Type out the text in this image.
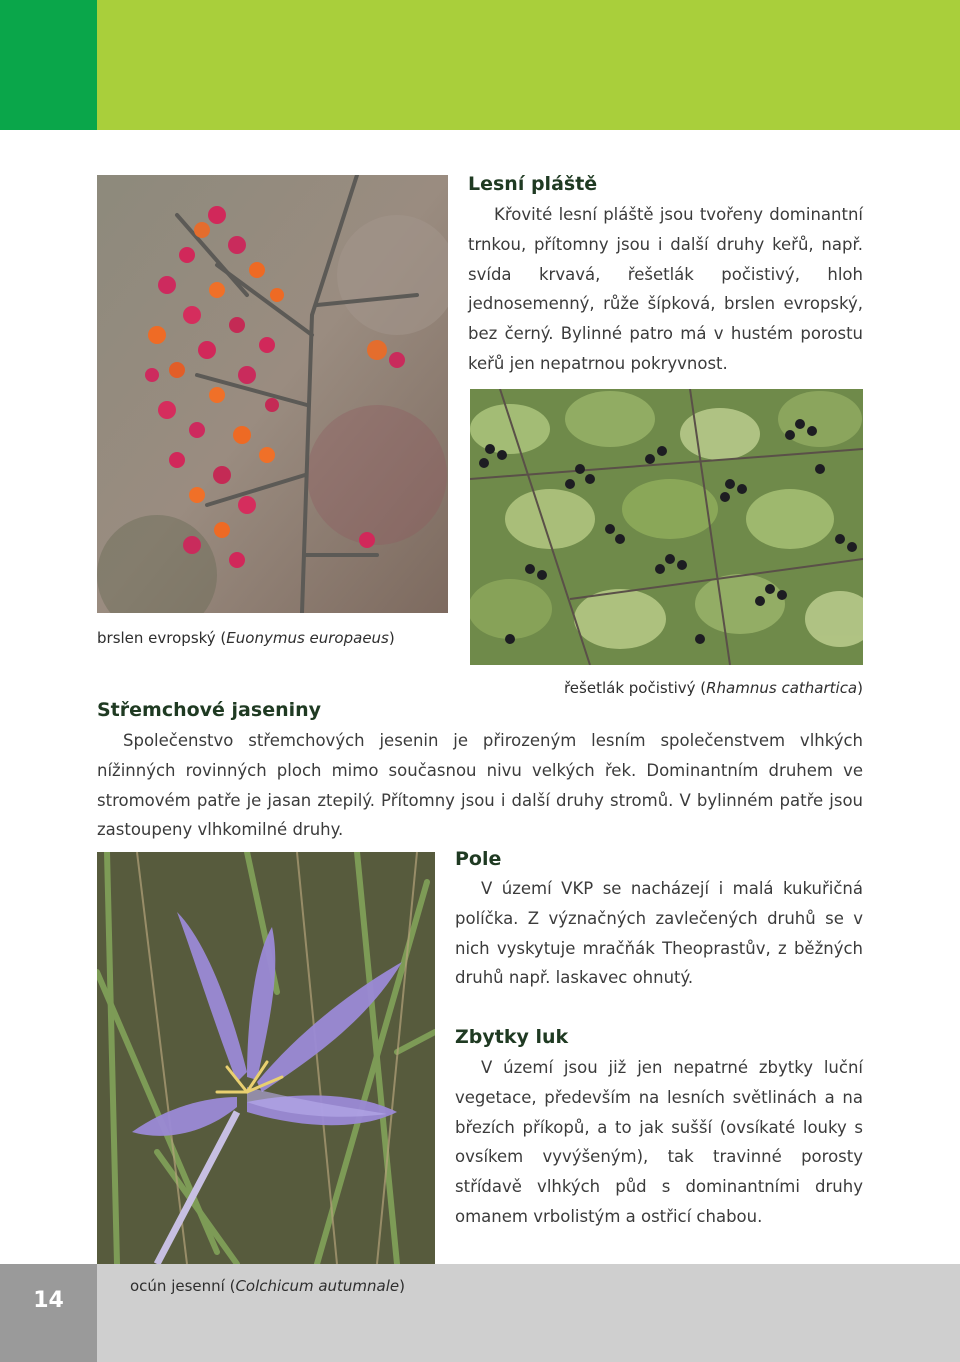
brslen evropský (Euonymus europaeus)
Lesní pláště

Křovité lesní pláště jsou tvořeny dominantní trnkou, přítomny jsou i další druhy keřů, např. svída krvavá, řešetlák počistivý, hloh jednosemenný, růže šípková, brslen evropský, bez černý. Bylinné patro má v hustém porostu keřů jen nepatrnou pokryvnost.

řešetlák počistivý (Rhamnus cathartica)
Střemchové jaseniny

Společenstvo střemchových jesenin je přirozeným lesním společenstvem vlhkých nížinných rovinných ploch mimo současnou nivu velkých řek. Dominantním druhem ve stromovém patře je jasan ztepilý. Přítomny jsou i další druhy stromů. V bylinném patře jsou zastoupeny vlhkomilné druhy.

Pole

V území VKP se nacházejí i malá kukuřičná políčka. Z význačných zavlečených druhů se v nich vyskytuje mračňák Theoprastův, z běžných druhů např. laskavec ohnutý.

Zbytky luk

V území jsou již jen nepatrné zbytky luční vegetace, především na lesních světlinách a na březích příkopů, a to jak sušší (ovsíkaté louky s ovsíkem vyvýšeným), tak travinné porosty střídavě vlhkých půd s dominantními druhy omanem vrbolistým a ostřicí chabou.

14
ocún jesenní (Colchicum autumnale)
